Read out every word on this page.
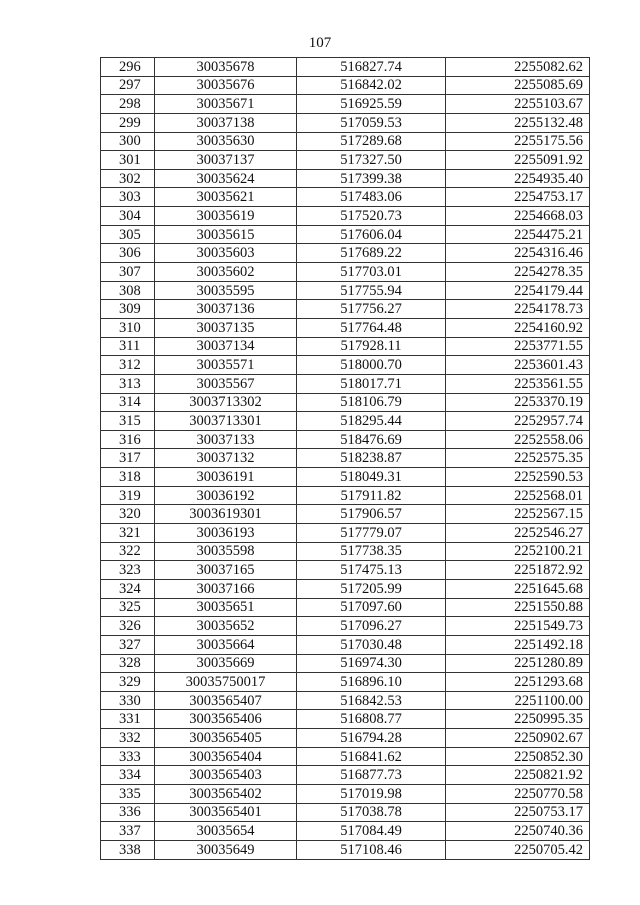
107
296	30035678	516827.74	2255082.62
297	30035676	516842.02	2255085.69
298	30035671	516925.59	2255103.67
299	30037138	517059.53	2255132.48
300	30035630	517289.68	2255175.56
301	30037137	517327.50	2255091.92
302	30035624	517399.38	2254935.40
303	30035621	517483.06	2254753.17
304	30035619	517520.73	2254668.03
305	30035615	517606.04	2254475.21
306	30035603	517689.22	2254316.46
307	30035602	517703.01	2254278.35
308	30035595	517755.94	2254179.44
309	30037136	517756.27	2254178.73
310	30037135	517764.48	2254160.92
311	30037134	517928.11	2253771.55
312	30035571	518000.70	2253601.43
313	30035567	518017.71	2253561.55
314	3003713302	518106.79	2253370.19
315	3003713301	518295.44	2252957.74
316	30037133	518476.69	2252558.06
317	30037132	518238.87	2252575.35
318	30036191	518049.31	2252590.53
319	30036192	517911.82	2252568.01
320	3003619301	517906.57	2252567.15
321	30036193	517779.07	2252546.27
322	30035598	517738.35	2252100.21
323	30037165	517475.13	2251872.92
324	30037166	517205.99	2251645.68
325	30035651	517097.60	2251550.88
326	30035652	517096.27	2251549.73
327	30035664	517030.48	2251492.18
328	30035669	516974.30	2251280.89
329	30035750017	516896.10	2251293.68
330	3003565407	516842.53	2251100.00
331	3003565406	516808.77	2250995.35
332	3003565405	516794.28	2250902.67
333	3003565404	516841.62	2250852.30
334	3003565403	516877.73	2250821.92
335	3003565402	517019.98	2250770.58
336	3003565401	517038.78	2250753.17
337	30035654	517084.49	2250740.36
338	30035649	517108.46	2250705.42
